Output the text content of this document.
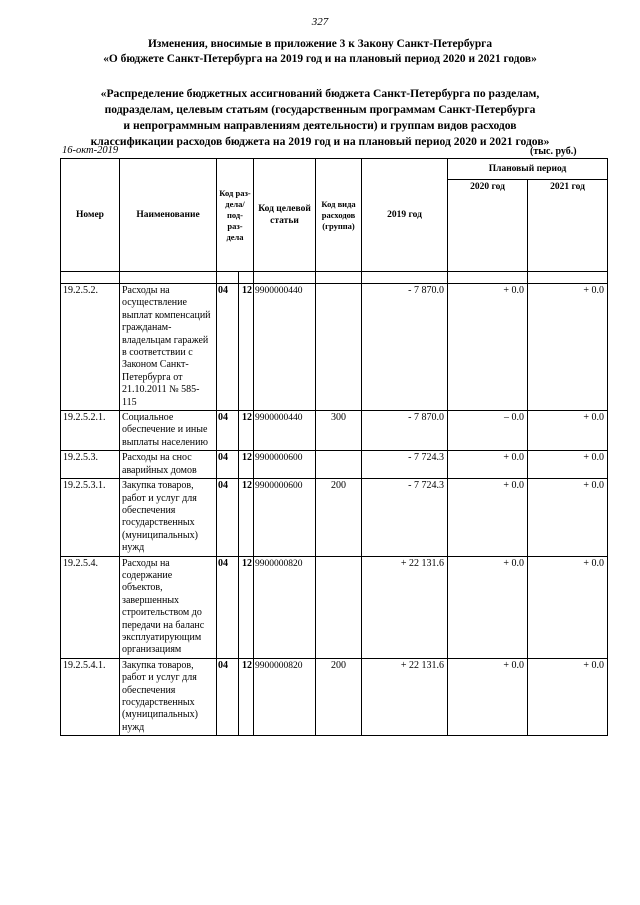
327
Изменения, вносимые в приложение 3 к Закону Санкт-Петербурга
«О бюджете Санкт-Петербурга на 2019 год и на плановый период 2020 и 2021 годов»
«Распределение бюджетных ассигнований бюджета Санкт-Петербурга по разделам,
подразделам, целевым статьям (государственным программам Санкт-Петербурга
и непрограммным направлениям деятельности) и группам видов расходов
классификации расходов бюджета на 2019 год и на плановый период 2020 и 2021 годов»
16-окт-2019	(тыс. руб.)
Номер	Наименование	Код раз- дела/ под- раз- дела		Код целевой статьи	Код вида расходов (группа)	2019 год	Плановый период	
							2020 год	2021 год

19.2.5.2.	Расходы на осуществление выплат компенсаций гражданам-владельцам гаражей в соответствии с Законом Санкт-Петербурга от 21.10.2011 № 585-115	04	12	9900000440		- 7 870.0	+ 0.0	+ 0.0
19.2.5.2.1.	Социальное обеспечение и иные выплаты населению	04	12	9900000440	300	- 7 870.0	– 0.0	+ 0.0
19.2.5.3.	Расходы на снос аварийных домов	04	12	9900000600		- 7 724.3	+ 0.0	+ 0.0
19.2.5.3.1.	Закупка товаров, работ и услуг для обеспечения государственных (муниципальных) нужд	04	12	9900000600	200	- 7 724.3	+ 0.0	+ 0.0
19.2.5.4.	Расходы на содержание объектов, завершенных строительством до передачи на баланс эксплуатирующим организациям	04	12	9900000820		+ 22 131.6	+ 0.0	+ 0.0
19.2.5.4.1.	Закупка товаров, работ и услуг для обеспечения государственных (муниципальных) нужд	04	12	9900000820	200	+ 22 131.6	+ 0.0	+ 0.0
